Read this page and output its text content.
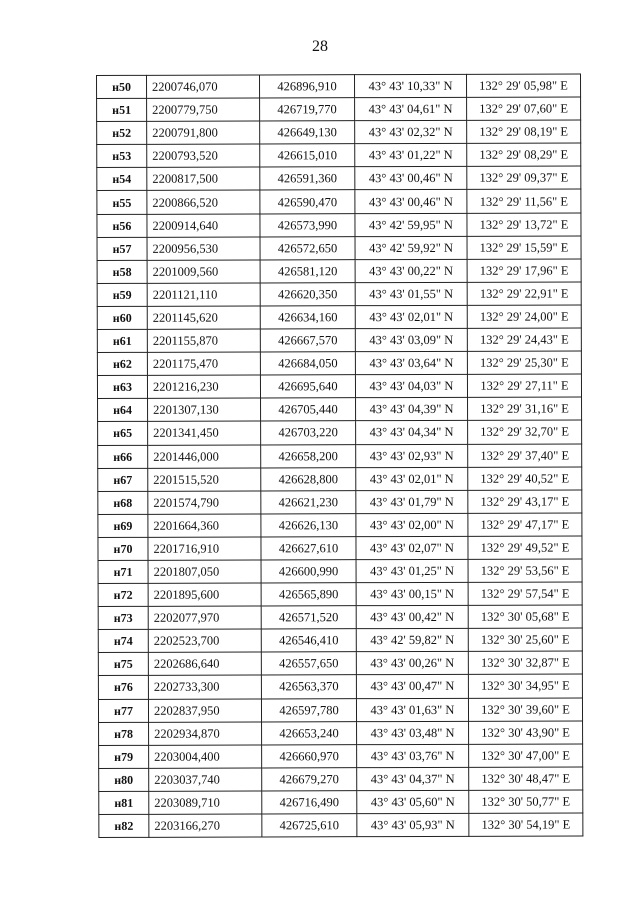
28
н50	2200746,070	426896,910	43° 43' 10,33" N	132° 29' 05,98" E
н51	2200779,750	426719,770	43° 43' 04,61" N	132° 29' 07,60" E
н52	2200791,800	426649,130	43° 43' 02,32" N	132° 29' 08,19" E
н53	2200793,520	426615,010	43° 43' 01,22" N	132° 29' 08,29" E
н54	2200817,500	426591,360	43° 43' 00,46" N	132° 29' 09,37" E
н55	2200866,520	426590,470	43° 43' 00,46" N	132° 29' 11,56" E
н56	2200914,640	426573,990	43° 42' 59,95" N	132° 29' 13,72" E
н57	2200956,530	426572,650	43° 42' 59,92" N	132° 29' 15,59" E
н58	2201009,560	426581,120	43° 43' 00,22" N	132° 29' 17,96" E
н59	2201121,110	426620,350	43° 43' 01,55" N	132° 29' 22,91" E
н60	2201145,620	426634,160	43° 43' 02,01" N	132° 29' 24,00" E
н61	2201155,870	426667,570	43° 43' 03,09" N	132° 29' 24,43" E
н62	2201175,470	426684,050	43° 43' 03,64" N	132° 29' 25,30" E
н63	2201216,230	426695,640	43° 43' 04,03" N	132° 29' 27,11" E
н64	2201307,130	426705,440	43° 43' 04,39" N	132° 29' 31,16" E
н65	2201341,450	426703,220	43° 43' 04,34" N	132° 29' 32,70" E
н66	2201446,000	426658,200	43° 43' 02,93" N	132° 29' 37,40" E
н67	2201515,520	426628,800	43° 43' 02,01" N	132° 29' 40,52" E
н68	2201574,790	426621,230	43° 43' 01,79" N	132° 29' 43,17" E
н69	2201664,360	426626,130	43° 43' 02,00" N	132° 29' 47,17" E
н70	2201716,910	426627,610	43° 43' 02,07" N	132° 29' 49,52" E
н71	2201807,050	426600,990	43° 43' 01,25" N	132° 29' 53,56" E
н72	2201895,600	426565,890	43° 43' 00,15" N	132° 29' 57,54" E
н73	2202077,970	426571,520	43° 43' 00,42" N	132° 30' 05,68" E
н74	2202523,700	426546,410	43° 42' 59,82" N	132° 30' 25,60" E
н75	2202686,640	426557,650	43° 43' 00,26" N	132° 30' 32,87" E
н76	2202733,300	426563,370	43° 43' 00,47" N	132° 30' 34,95" E
н77	2202837,950	426597,780	43° 43' 01,63" N	132° 30' 39,60" E
н78	2202934,870	426653,240	43° 43' 03,48" N	132° 30' 43,90" E
н79	2203004,400	426660,970	43° 43' 03,76" N	132° 30' 47,00" E
н80	2203037,740	426679,270	43° 43' 04,37" N	132° 30' 48,47" E
н81	2203089,710	426716,490	43° 43' 05,60" N	132° 30' 50,77" E
н82	2203166,270	426725,610	43° 43' 05,93" N	132° 30' 54,19" E
